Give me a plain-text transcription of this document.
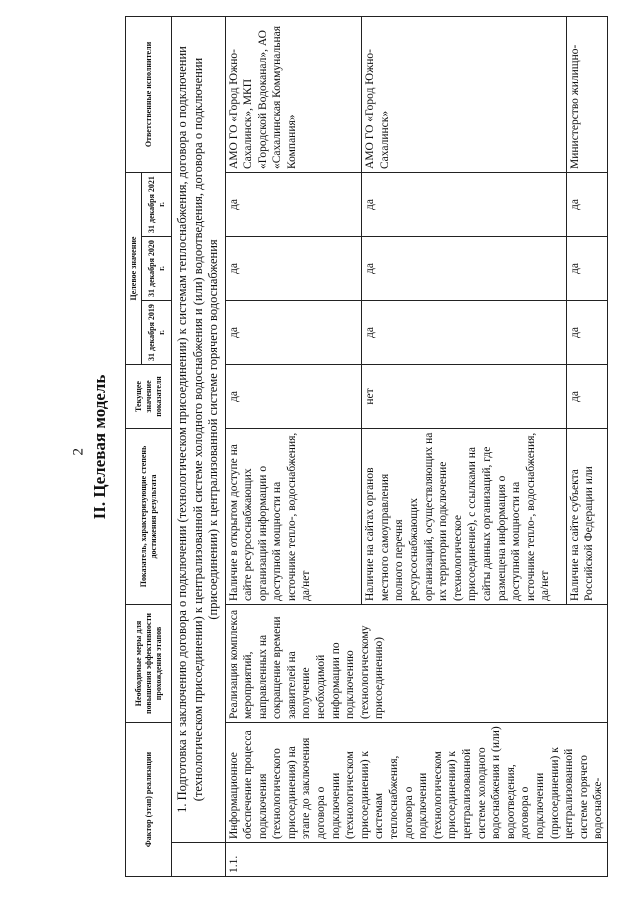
II. Целевая модель
Фактор (этап) реализации		Необходимые меры для повышения эффективности прохождения этапов	Показатель, характеризующие степень достижения результата	Текущее значение показателя	Целевое значение			Ответственные исполнители
					31 декабря 2019 г.	31 декабря 2020 г.	31 декабря 2021 г.	
	1. Подготовка к заключению договора о подключении (технологическом присоединении) к системам теплоснабжения, договора о подключении (технологическом присоединении) к централизованной системе холодного водоснабжения и (или) водоотведения, договора о подключении (присоединении) к централизованной системе горячего водоснабжения							
1.1.	Информационное обеспечение процесса подключения (технологического присоединения) на этапе до заключения договора о подключении (технологическом присоединении) к системам теплоснабжения, договора о подключении (технологическом присоединении) к централизованной системе холодного водоснабжения и (или) водоотведения, договора о подключении (присоединении) к централизованной системе горячего водоснабже-	Реализация комплекса мероприятий, направленных на сокращение времени заявителей на получение необходимой информации по подключению (технологическому присоединению)	Наличие в открытом доступе на сайте ресурсоснабжающих организаций информации о доступной мощности на источнике тепло-, водоснабжения, да/нет	да	да	да	да	АМО ГО «Город Южно-Сахалинск», МКП «Городской Водоканал», АО «Сахалинская Коммунальная Компания»
			Наличие на сайтах органов местного самоуправления полного перечня ресурсоснабжающих организаций, осуществляющих на их территории подключение (технологическое присоединение), с ссылками на сайты данных организаций, где размещена информация о доступной мощности на источнике тепло-, водоснабжения, да/нет	нет	да	да	да	АМО ГО «Город Южно-Сахалинск»
			Наличие на сайте субъекта Российской Федерации или	да	да	да	да	Министерство жилищно-
2
